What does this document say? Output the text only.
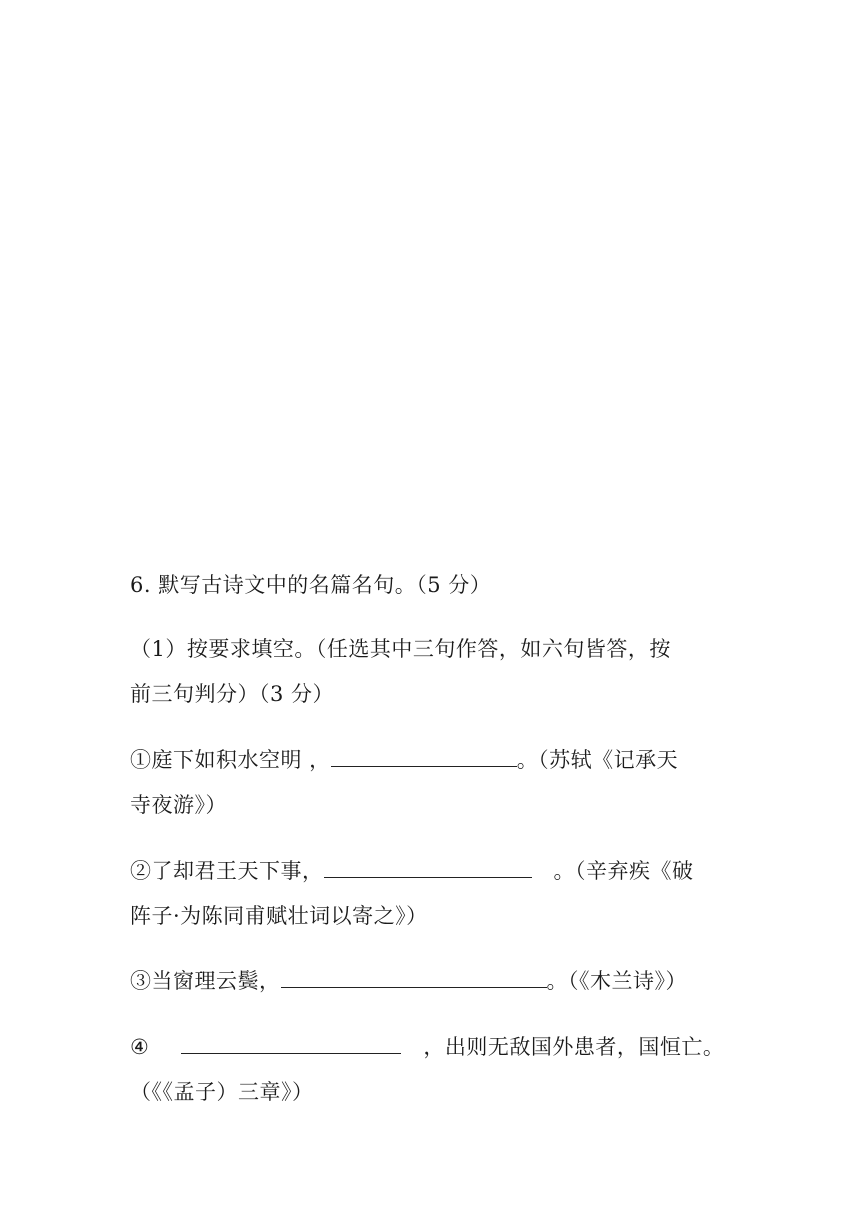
6. 默写古诗文中的名篇名句。（5 分）
（1）按要求填空。（任选其中三句作答，如六句皆答，按
前三句判分）（3 分）
①庭下如积水空明 ，	。（苏轼《记承天
寺夜游》）
②了却君王天下事，	。（辛弃疾《破
阵子·为陈同甫赋壮词以寄之》）
③当窗理云鬓，	。（《木兰诗》）
④	，出则无敌国外患者，国恒亡。
（《《孟子）三章》）
